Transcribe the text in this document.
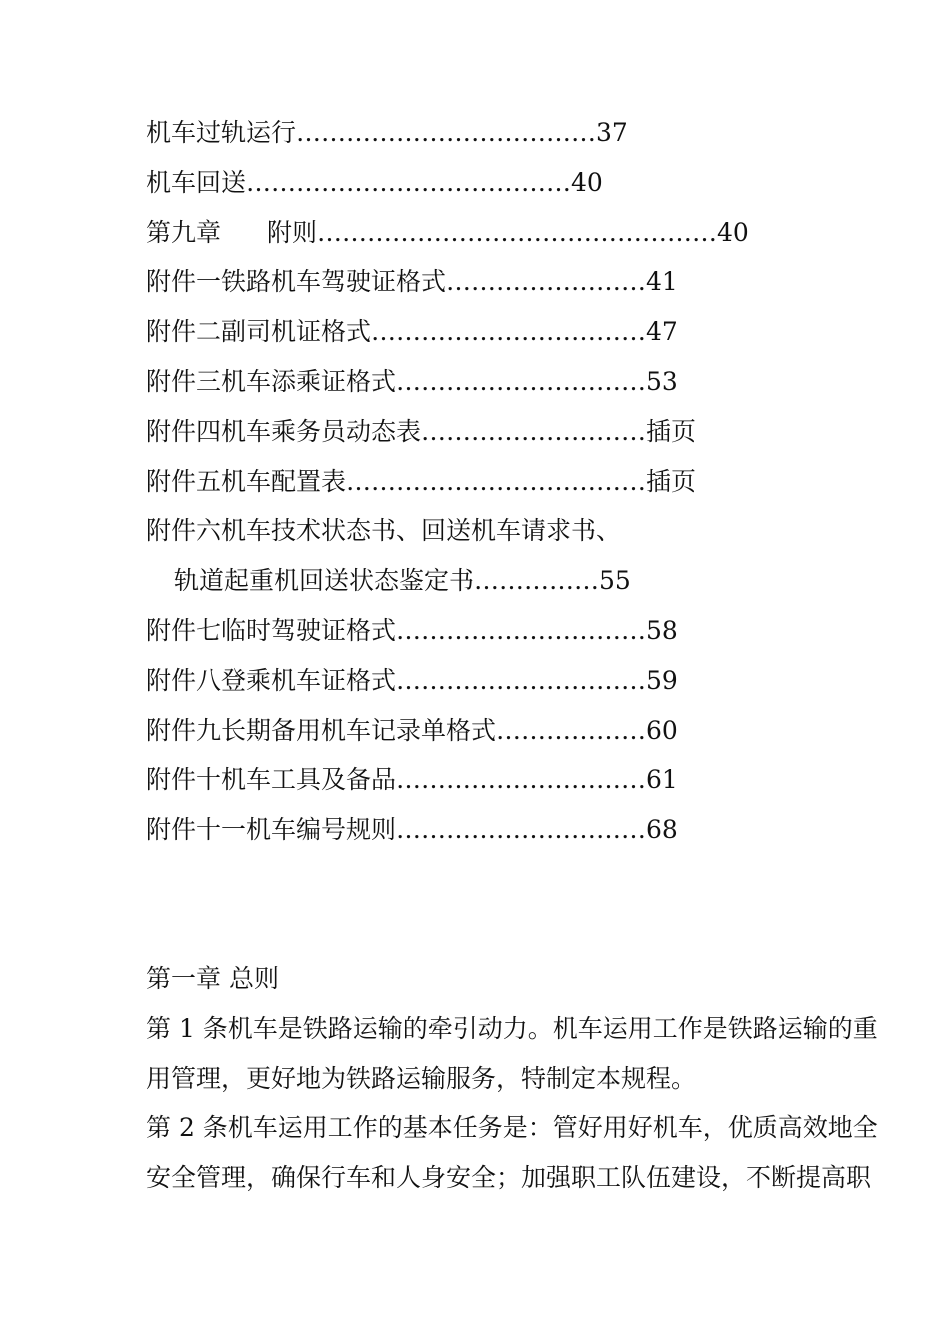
机车过轨运行………………………………37
机车回送…………………………………40
第九章 附则…………………………………………40
附件一铁路机车驾驶证格式……………………41
附件二副司机证格式……………………………47
附件三机车添乘证格式…………………………53
附件四机车乘务员动态表………………………插页
附件五机车配置表………………………………插页
附件六机车技术状态书、回送机车请求书、
轨道起重机回送状态鉴定书……………55
附件七临时驾驶证格式…………………………58
附件八登乘机车证格式…………………………59
附件九长期备用机车记录单格式………………60
附件十机车工具及备品…………………………61
附件十一机车编号规则…………………………68
第一章 总则
第 1 条机车是铁路运输的牵引动力。机车运用工作是铁路运输的重
用管理，更好地为铁路运输服务，特制定本规程。
第 2 条机车运用工作的基本任务是：管好用好机车，优质高效地全
安全管理，确保行车和人身安全；加强职工队伍建设，不断提高职
